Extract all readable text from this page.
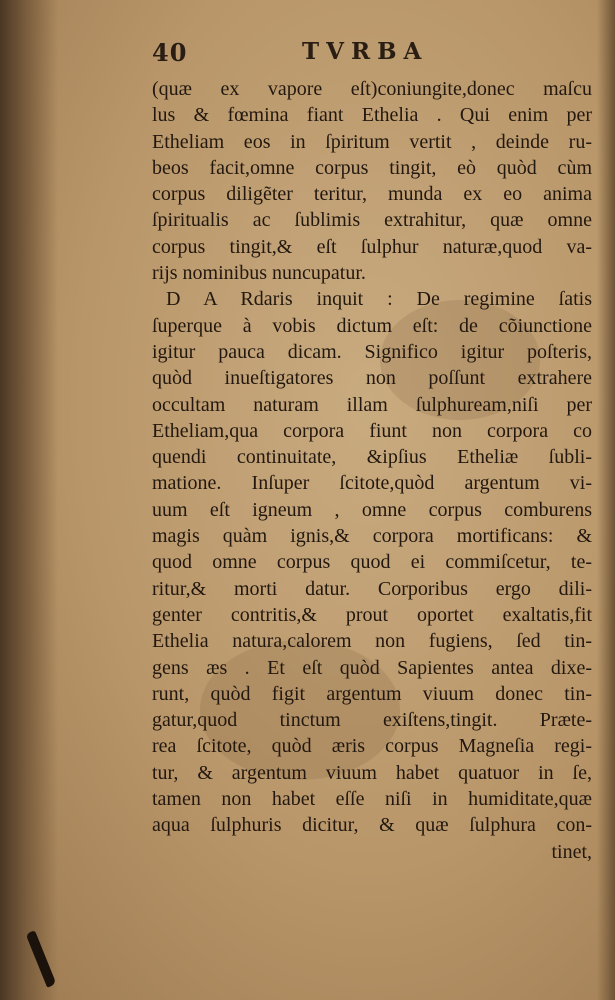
40	TVRBA
(quæ ex vapore eſt)coniungite,donec maſcu
lus & fœmina fiant Ethelia . Qui enim per
Etheliam eos in ſpiritum vertit , deinde ru-
beos facit,omne corpus tingit, eò quòd cùm
corpus diligẽter teritur, munda ex eo anima
ſpiritualis ac ſublimis extrahitur, quæ omne
corpus tingit,& eſt ſulphur naturæ,quod va-
rijs nominibus nuncupatur.
D A Rdaris inquit : De regimine ſatis
ſuperque à vobis dictum eſt: de cõiunctione
igitur pauca dicam. Significo igitur poſteris,
quòd inueſtigatores non poſſunt extrahere
occultam naturam illam ſulphuream,niſi per
Etheliam,qua corpora fiunt non corpora co
quendi continuitate, &ipſius Etheliæ ſubli-
matione. Inſuper ſcitote,quòd argentum vi-
uum eſt igneum , omne corpus comburens
magis quàm ignis,& corpora mortificans: &
quod omne corpus quod ei commiſcetur, te-
ritur,& morti datur. Corporibus ergo dili-
genter contritis,& prout oportet exaltatis,fit
Ethelia natura,calorem non fugiens, ſed tin-
gens æs . Et eſt quòd Sapientes antea dixe-
runt, quòd figit argentum viuum donec tin-
gatur,quod tinctum exiſtens,tingit. Præte-
rea ſcitote, quòd æris corpus Magneſia regi-
tur, & argentum viuum habet quatuor in ſe,
tamen non habet eſſe niſi in humiditate,quæ
aqua ſulphuris dicitur, & quæ ſulphura con-
tinet,
